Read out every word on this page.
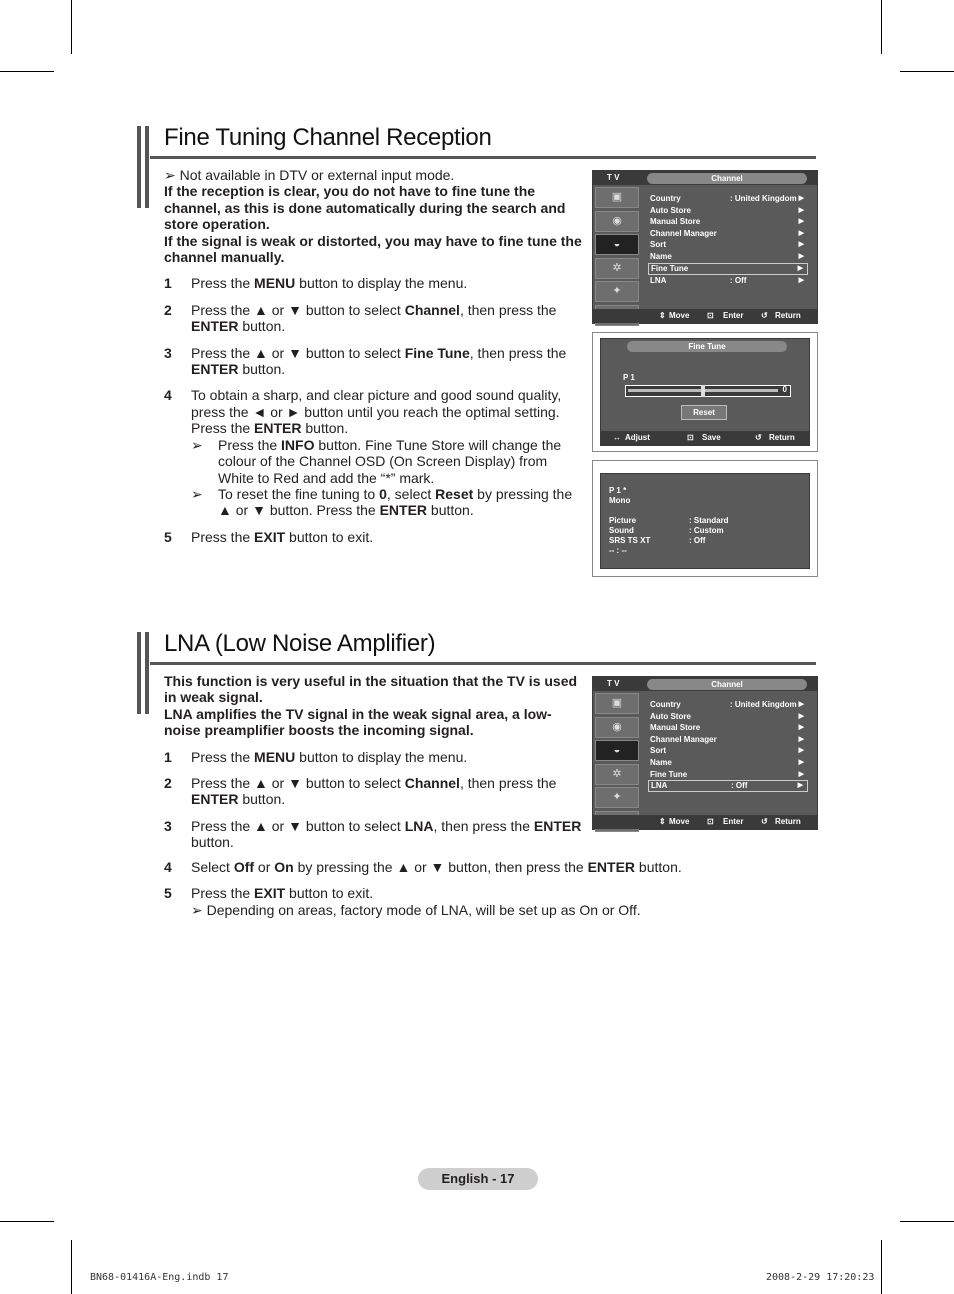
Fine Tuning Channel Reception

➢ Not available in DTV or external input mode.

If the reception is clear, you do not have to fine tune the channel, as this is done automatically during the search and store operation.

If the signal is weak or distorted, you may have to fine tune the channel manually.

1	Press the MENU button to display the menu.
2	Press the ▲ or ▼ button to select Channel, then press the ENTER button.
3	Press the ▲ or ▼ button to select Fine Tune, then press the ENTER button.
4	To obtain a sharp, and clear picture and good sound quality, press the ◄ or ► button until you reach the optimal setting. Press the ENTER button.
➢	Press the INFO button. Fine Tune Store will change the colour of the Channel OSD (On Screen Display) from White to Red and add the “*” mark.
➢	To reset the fine tuning to 0, select Reset by pressing the ▲ or ▼ button. Press the ENTER button.
5	Press the EXIT button to exit.
T V	Channel
▣
◉
◒
✲
✦
Country	: United Kingdom ▶
Auto Store	▶
Manual Store	▶
Channel Manager	▶
Sort	▶
Name	▶
Fine Tune	▶
LNA	: Off	▶
⇕ Move ⊡ Enter ↺ Return
Fine Tune
P 1
0
Reset
↔ Adjust	⊡ Save	↺ Return
P 1 *
Mono
Picture	: Standard
Sound	: Custom
SRS TS XT	: Off
-- : --
LNA (Low Noise Amplifier)

This function is very useful in the situation that the TV is used in weak signal.

LNA amplifies the TV signal in the weak signal area, a low-noise preamplifier boosts the incoming signal.

1	Press the MENU button to display the menu.
2	Press the ▲ or ▼ button to select Channel, then press the ENTER button.
3	Press the ▲ or ▼ button to select LNA, then press the ENTER button.
4	Select Off or On by pressing the ▲ or ▼ button, then press the ENTER button.
5	Press the EXIT button to exit.
➢ Depending on areas, factory mode of LNA, will be set up as On or Off.
T V	Channel
▣
◉
◒
✲
✦
Country	: United Kingdom ▶
Auto Store	▶
Manual Store	▶
Channel Manager	▶
Sort	▶
Name	▶
Fine Tune	▶
LNA	: Off	▶
⇕ Move ⊡ Enter ↺ Return
English - 17
BN68-01416A-Eng.indb 17	2008-2-29 17:20:23
